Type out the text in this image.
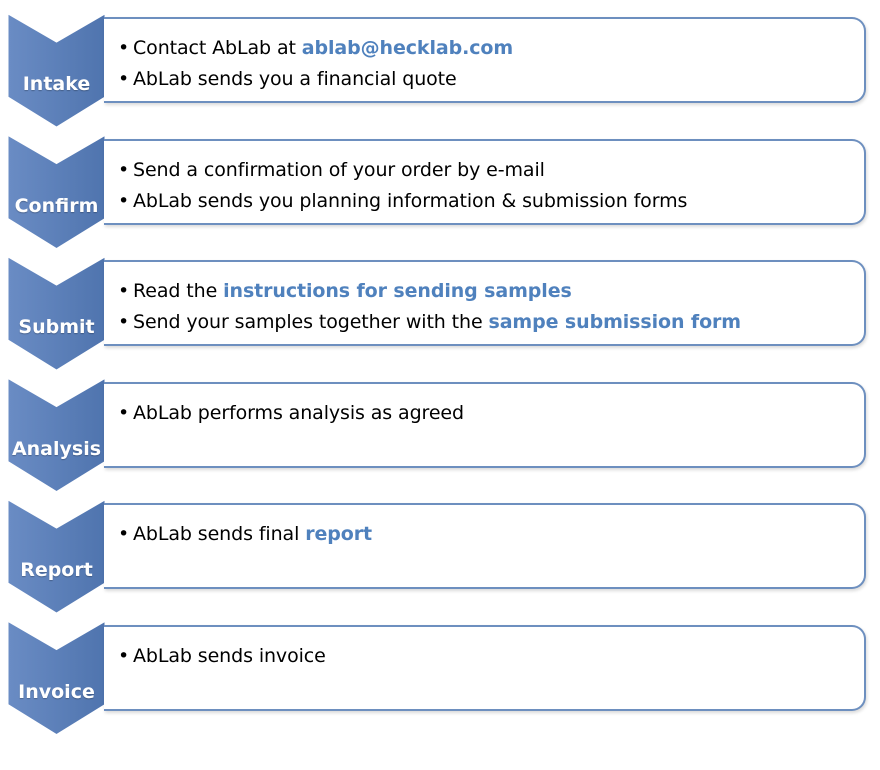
Intake
• Contact AbLab at ablab@hecklab.com
• AbLab sends you a financial quote
Confirm
• Send a confirmation of your order by e-mail
• AbLab sends you planning information & submission forms
Submit
• Read the instructions for sending samples
• Send your samples together with the sampe submission form
Analysis
• AbLab performs analysis as agreed
Report
• AbLab sends final report
Invoice
• AbLab sends invoice
